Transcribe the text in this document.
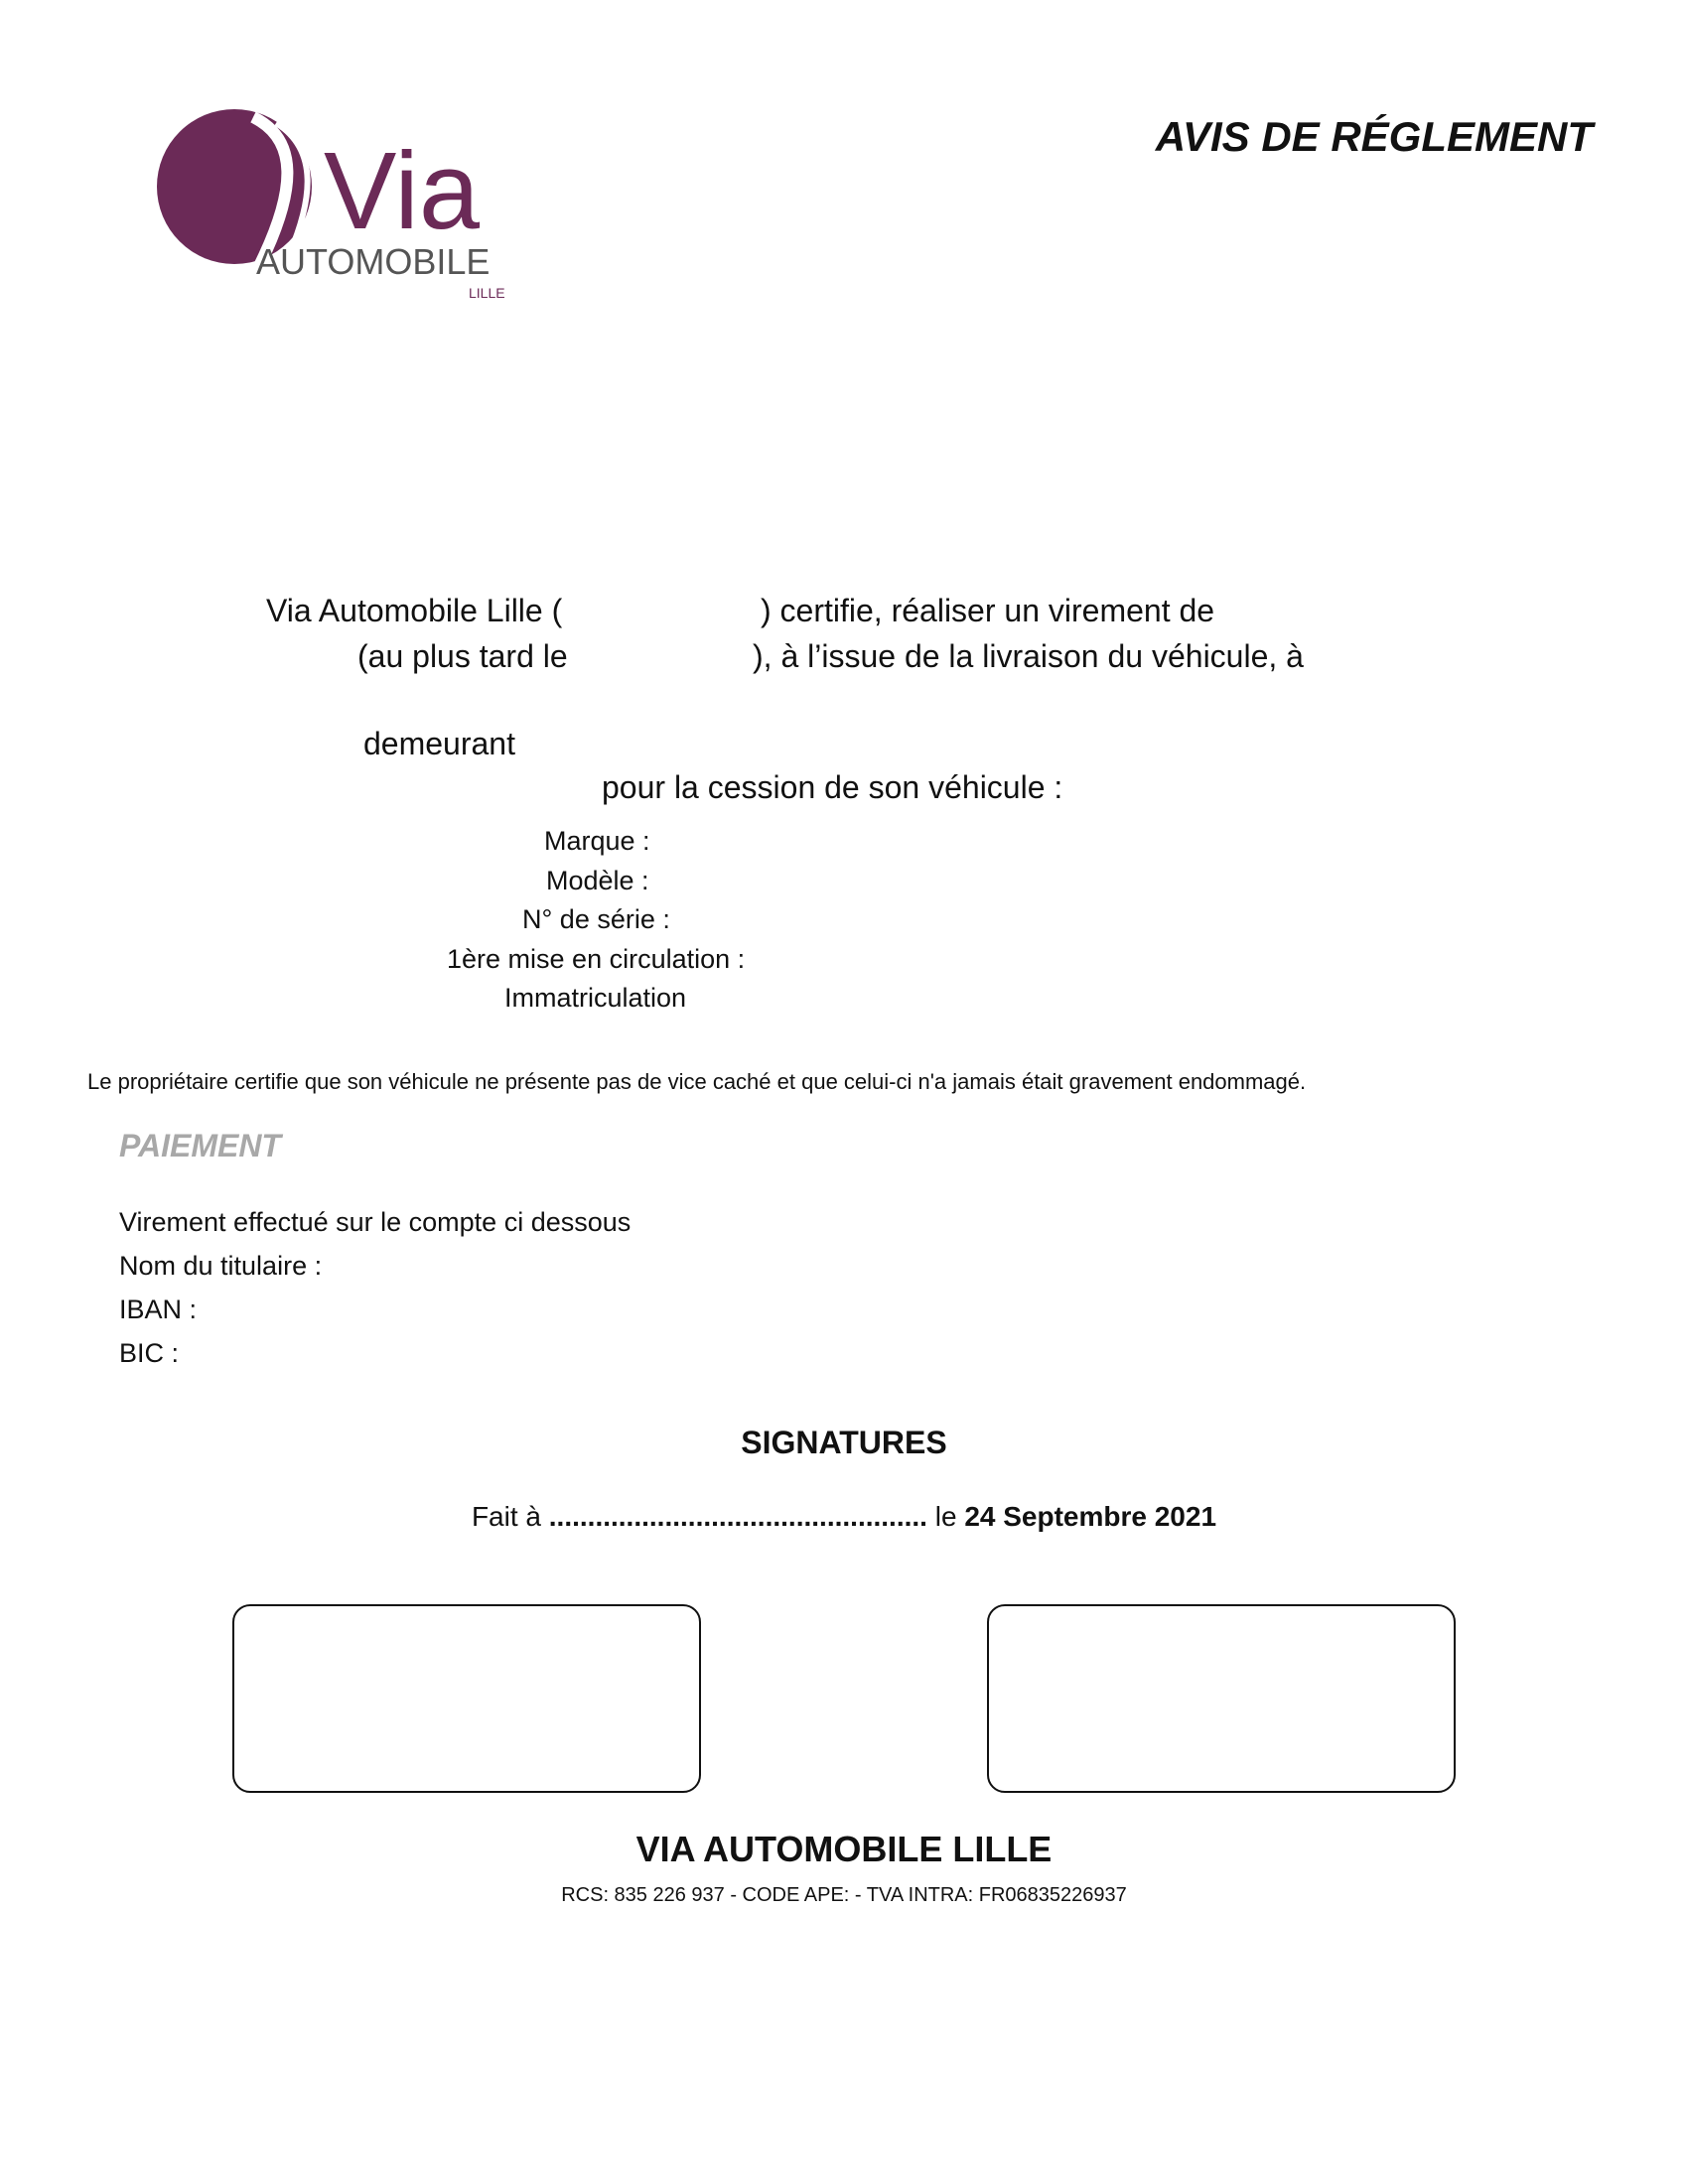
Via
AUTOMOBILE
LILLE
AVIS DE RÉGLEMENT
Via Automobile Lille (	) certifie, réaliser un virement de
(au plus tard le	), à l’issue de la livraison du véhicule, à
demeurant
pour la cession de son véhicule :
Marque :
Modèle :
N° de série :
1ère mise en circulation :
Immatriculation
Le propriétaire certifie que son véhicule ne présente pas de vice caché et que celui-ci n'a jamais était gravement endommagé.
PAIEMENT
Virement effectué sur le compte ci dessous
Nom du titulaire :
IBAN :
BIC :
SIGNATURES
Fait à ................................................. le 24 Septembre 2021
VIA AUTOMOBILE LILLE
RCS: 835 226 937 - CODE APE: - TVA INTRA: FR06835226937
